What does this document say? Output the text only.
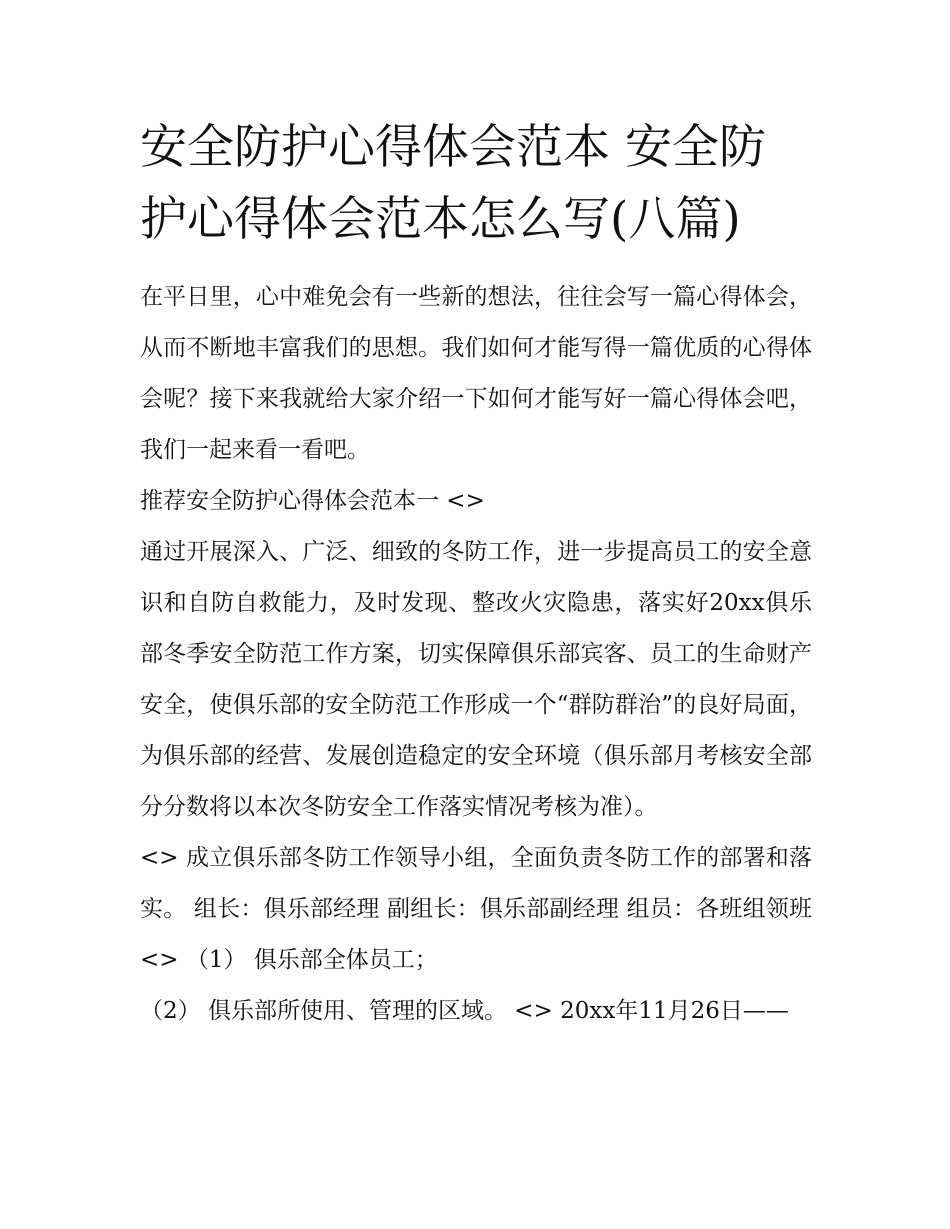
安全防护心得体会范本 安全防护心得体会范本怎么写(八篇)

在平日里，心中难免会有一些新的想法，往往会写一篇心得体会，从而不断地丰富我们的思想。我们如何才能写得一篇优质的心得体会呢？接下来我就给大家介绍一下如何才能写好一篇心得体会吧，我们一起来看一看吧。

推荐安全防护心得体会范本一 <>

通过开展深入、广泛、细致的冬防工作，进一步提高员工的安全意识和自防自救能力，及时发现、整改火灾隐患，落实好20xx俱乐部冬季安全防范工作方案，切实保障俱乐部宾客、员工的生命财产安全，使俱乐部的安全防范工作形成一个“群防群治”的良好局面，为俱乐部的经营、发展创造稳定的安全环境（俱乐部月考核安全部分分数将以本次冬防安全工作落实情况考核为准）。

<> 成立俱乐部冬防工作领导小组，全面负责冬防工作的部署和落实。 组长：俱乐部经理 副组长：俱乐部副经理 组员：各班组领班 <> （1） 俱乐部全体员工；

（2） 俱乐部所使用、管理的区域。 <> 20xx年11月26日——
